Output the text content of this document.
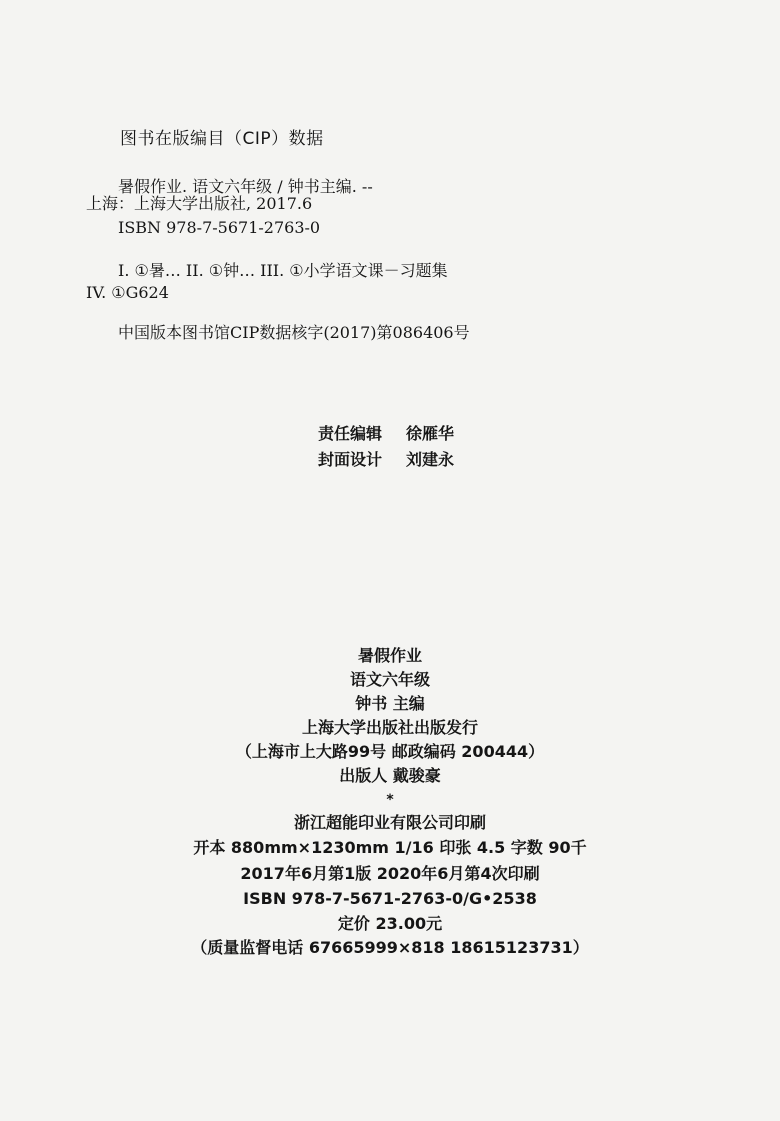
图书在版编目（CIP）数据
暑假作业. 语文六年级 / 钟书主编. --
上海：上海大学出版社, 2017.6
ISBN 978-7-5671-2763-0
I. ①暑… II. ①钟… III. ①小学语文课－习题集
IV. ①G624
中国版本图书馆CIP数据核字(2017)第086406号
责任编辑 徐雁华
封面设计 刘建永
暑假作业
语文六年级
钟书 主编
上海大学出版社出版发行
（上海市上大路99号 邮政编码 200444）
出版人 戴骏豪
*
浙江超能印业有限公司印刷
开本 880mm×1230mm 1/16 印张 4.5 字数 90千
2017年6月第1版 2020年6月第4次印刷
ISBN 978-7-5671-2763-0/G•2538
定价 23.00元
（质量监督电话 67665999×818 18615123731）
